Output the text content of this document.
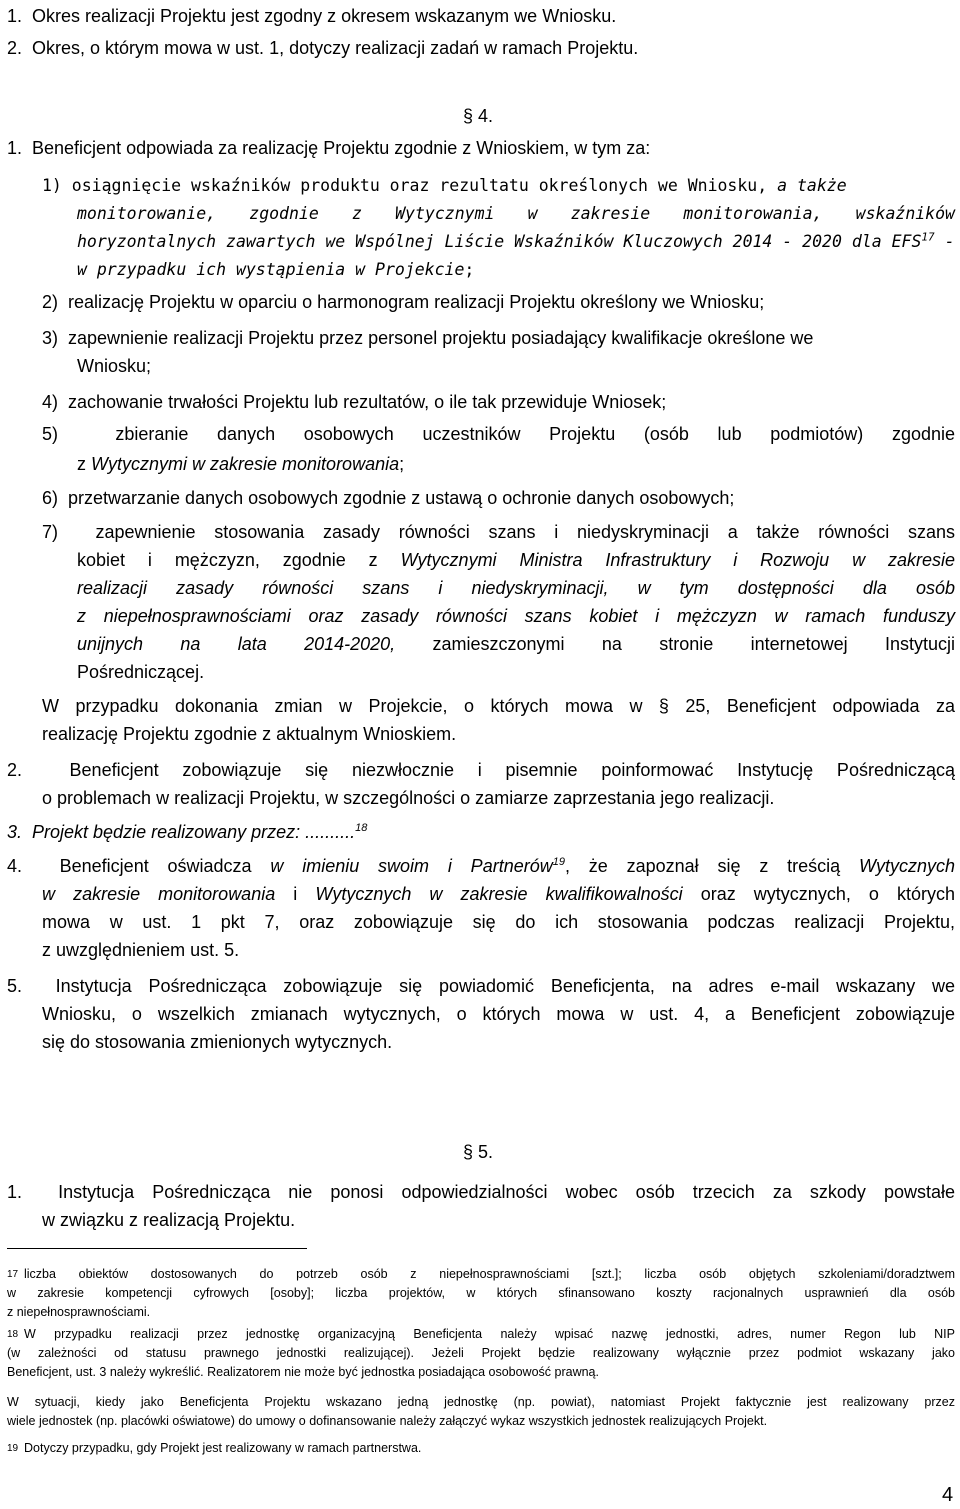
1.  Okres realizacji Projektu jest zgodny z okresem wskazanym we Wniosku.
2.  Okres, o którym mowa w ust. 1, dotyczy realizacji zadań w ramach Projektu.
§ 4.
1.  Beneficjent odpowiada za realizację Projektu zgodnie z Wnioskiem, w tym za:
1) osiągnięcie wskaźników produktu oraz rezultatu określonych we Wniosku, a także
monitorowanie, zgodnie z Wytycznymi w zakresie monitorowania, wskaźników
horyzontalnych zawartych we Wspólnej Liście Wskaźników Kluczowych 2014 - 2020 dla EFS$^{17}$ -
w przypadku ich wystąpienia w Projekcie;
2)  realizację Projektu w oparciu o harmonogram realizacji Projektu określony we Wniosku;
3)  zapewnienie realizacji Projektu przez personel projektu posiadający kwalifikacje określone we
Wniosku;
4)  zachowanie trwałości Projektu lub rezultatów, o ile tak przewiduje Wniosek;
5)  zbieranie danych osobowych uczestników Projektu (osób lub podmiotów) zgodnie
z Wytycznymi w zakresie monitorowania;
6)  przetwarzanie danych osobowych zgodnie z ustawą o ochronie danych osobowych;
7)  zapewnienie stosowania zasady równości szans i niedyskryminacji a także równości szans
kobiet i mężczyzn, zgodnie z Wytycznymi Ministra Infrastruktury i Rozwoju w zakresie
realizacji zasady równości szans i niedyskryminacji, w tym dostępności dla osób
z niepełnosprawnościami oraz zasady równości szans kobiet i mężczyzn w ramach funduszy
unijnych na lata 2014-2020, zamieszczonymi na stronie internetowej Instytucji
Pośredniczącej.
W przypadku dokonania zmian w Projekcie, o których mowa w § 25, Beneficjent odpowiada za
realizację Projektu zgodnie z aktualnym Wnioskiem.
2.  Beneficjent zobowiązuje się niezwłocznie i pisemnie poinformować Instytucję Pośredniczącą
o problemach w realizacji Projektu, w szczególności o zamiarze zaprzestania jego realizacji.
3.  Projekt będzie realizowany przez: ..........$^{18}$
4.  Beneficjent oświadcza w imieniu swoim i Partnerów$^{19}$, że zapoznał się z treścią Wytycznych
w zakresie monitorowania i Wytycznych w zakresie kwalifikowalności oraz wytycznych, o których
mowa w ust. 1 pkt 7, oraz zobowiązuje się do ich stosowania podczas realizacji Projektu,
z uwzględnieniem ust. 5.
5.  Instytucja Pośrednicząca zobowiązuje się powiadomić Beneficjenta, na adres e-mail wskazany we
Wniosku, o wszelkich zmianach wytycznych, o których mowa w ust. 4, a Beneficjent zobowiązuje
się do stosowania zmienionych wytycznych.
§ 5.
1.  Instytucja Pośrednicząca nie ponosi odpowiedzialności wobec osób trzecich za szkody powstałe
w związku z realizacją Projektu.
17 liczba obiektów dostosowanych do potrzeb osób z niepełnosprawnościami [szt.]; liczba osób objętych szkoleniami/doradztwem
w zakresie kompetencji cyfrowych [osoby]; liczba projektów, w których sfinansowano koszty racjonalnych usprawnień dla osób
z niepełnosprawnościami.
18 W przypadku realizacji przez jednostkę organizacyjną Beneficjenta należy wpisać nazwę jednostki, adres, numer Regon lub NIP
(w zależności od statusu prawnego jednostki realizującej). Jeżeli Projekt będzie realizowany wyłącznie przez podmiot wskazany jako
Beneficjent, ust. 3 należy wykreślić. Realizatorem nie może być jednostka posiadająca osobowość prawną.
W sytuacji, kiedy jako Beneficjenta Projektu wskazano jedną jednostkę (np. powiat), natomiast Projekt faktycznie jest realizowany przez
wiele jednostek (np. placówki oświatowe) do umowy o dofinansowanie należy załączyć wykaz wszystkich jednostek realizujących Projekt.
19 Dotyczy przypadku, gdy Projekt jest realizowany w ramach partnerstwa.
4
